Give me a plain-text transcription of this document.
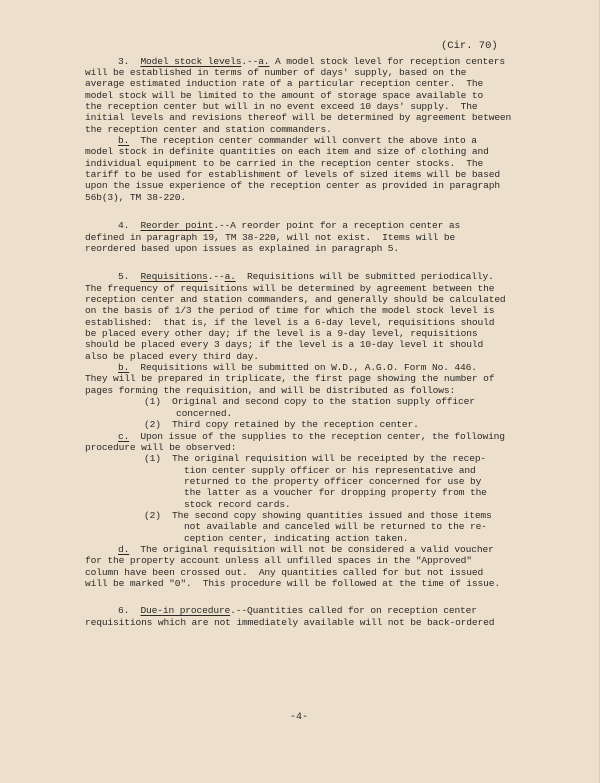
(Cir. 70)
3. Model stock levels.--a. A model stock level for reception centers
will be established in terms of number of days' supply, based on the
average estimated induction rate of a particular reception center.  The
model stock will be limited to the amount of storage space available to
the reception center but will in no event exceed 10 days' supply.  The
initial levels and revisions thereof will be determined by agreement between
the reception center and station commanders.
b.  The reception center commander will convert the above into a
model stock in definite quantities on each item and size of clothing and
individual equipment to be carried in the reception center stocks.  The
tariff to be used for establishment of levels of sized items will be based
upon the issue experience of the reception center as provided in paragraph
56b(3), TM 38-220.
4. Reorder point.--A reorder point for a reception center as
defined in paragraph 19, TM 38-220, will not exist.  Items will be
reordered based upon issues as explained in paragraph 5.
5. Requisitions.--a.  Requisitions will be submitted periodically.
The frequency of requisitions will be determined by agreement between the
reception center and station commanders, and generally should be calculated
on the basis of 1/3 the period of time for which the model stock level is
established:  that is, if the level is a 6-day level, requisitions should
be placed every other day; if the level is a 9-day level, requisitions
should be placed every 3 days; if the level is a 10-day level it should
also be placed every third day.
b.  Requisitions will be submitted on W.D., A.G.O. Form No. 446.
They will be prepared in triplicate, the first page showing the number of
pages forming the requisition, and will be distributed as follows:
(1)  Original and second copy to the station supply officer
concerned.
(2)  Third copy retained by the reception center.
c.  Upon issue of the supplies to the reception center, the following
procedure will be observed:
(1)  The original requisition will be receipted by the recep-
tion center supply officer or his representative and
returned to the property officer concerned for use by
the latter as a voucher for dropping property from the
stock record cards.
(2)  The second copy showing quantities issued and those items
not available and canceled will be returned to the re-
ception center, indicating action taken.
d.  The original requisition will not be considered a valid voucher
for the property account unless all unfilled spaces in the "Approved"
column have been crossed out.  Any quantities called for but not issued
will be marked "0".  This procedure will be followed at the time of issue.
6. Due-in procedure.--Quantities called for on reception center
requisitions which are not immediately available will not be back-ordered
-4-
